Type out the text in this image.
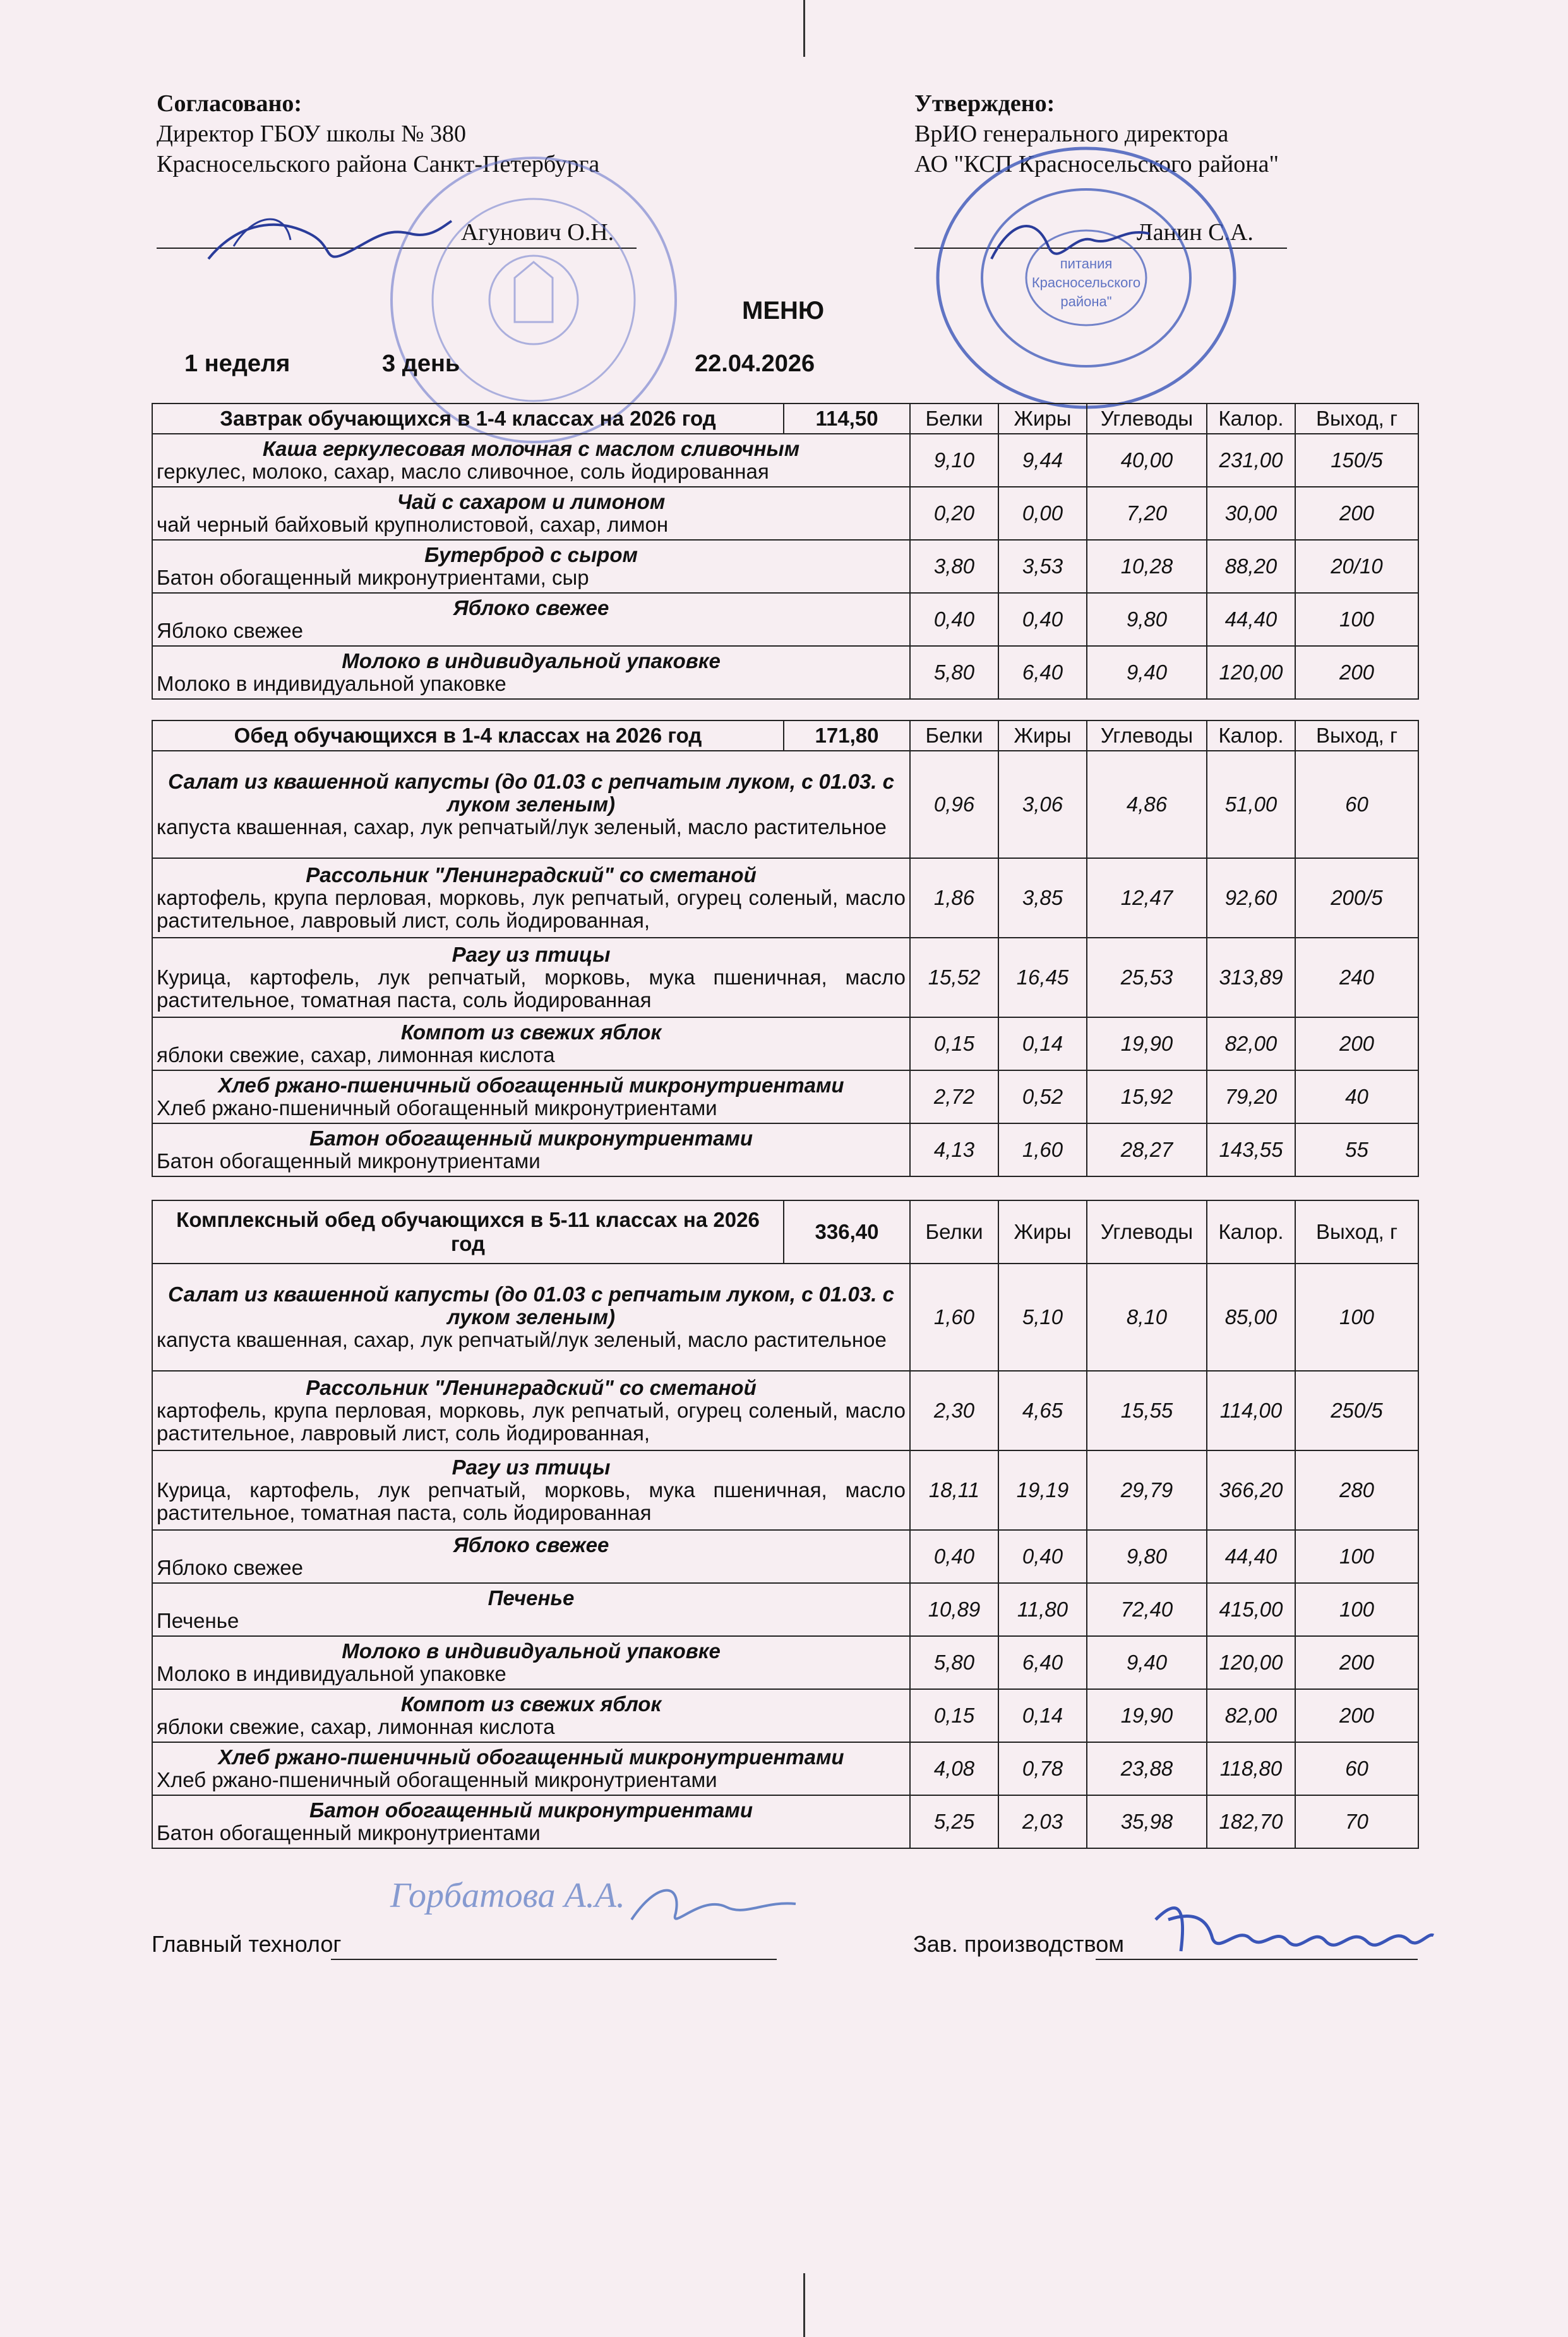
Согласовано:
Директор ГБОУ школы № 380
Красносельского района Санкт-Петербурга
Агунович О.Н.
Утверждено:
ВрИО генерального директора
АО "КСП Красносельского района"
Ланин С.А.
питания
Красносельского
района"
МЕНЮ
1 неделя	3 день	22.04.2026
Завтрак обучающихся в 1-4 классах на 2026 год	114,50	Белки	Жиры	Углеводы	Калор.	Выход, г

Каша геркулесовая молочная с маслом сливочным
геркулес, молоко, сахар, масло сливочное, соль йодированная		9,10	9,44	40,00	231,00	150/5

Чай с сахаром и лимоном
чай черный байховый крупнолистовой, сахар, лимон		0,20	0,00	7,20	30,00	200

Бутерброд с сыром
Батон обогащенный микронутриентами, сыр		3,80	3,53	10,28	88,20	20/10

Яблоко свежее
Яблоко свежее		0,40	0,40	9,80	44,40	100

Молоко в индивидуальной упаковке
Молоко в индивидуальной упаковке		5,80	6,40	9,40	120,00	200
Обед обучающихся в 1-4 классах на 2026 год	171,80	Белки	Жиры	Углеводы	Калор.	Выход, г

Салат из квашенной капусты (до 01.03 с репчатым луком, с 01.03. с луком зеленым)
капуста квашенная, сахар, лук репчатый/лук зеленый, масло растительное		0,96	3,06	4,86	51,00	60

Рассольник "Ленинградский" со сметаной
картофель, крупа перловая, морковь, лук репчатый, огурец соленый, масло растительное, лавровый лист, соль йодированная,		1,86	3,85	12,47	92,60	200/5

Рагу из птицы
Курица, картофель, лук репчатый, морковь, мука пшеничная, масло растительное, томатная паста, соль йодированная		15,52	16,45	25,53	313,89	240

Компот из свежих яблок
яблоки свежие, сахар, лимонная кислота		0,15	0,14	19,90	82,00	200

Хлеб ржано-пшеничный обогащенный микронутриентами
Хлеб ржано-пшеничный обогащенный микронутриентами		2,72	0,52	15,92	79,20	40

Батон обогащенный микронутриентами
Батон обогащенный микронутриентами		4,13	1,60	28,27	143,55	55
Комплексный обед обучающихся в 5-11 классах на 2026 год	336,40	Белки	Жиры	Углеводы	Калор.	Выход, г

Салат из квашенной капусты (до 01.03 с репчатым луком, с 01.03. с луком зеленым)
капуста квашенная, сахар, лук репчатый/лук зеленый, масло растительное		1,60	5,10	8,10	85,00	100

Рассольник "Ленинградский" со сметаной
картофель, крупа перловая, морковь, лук репчатый, огурец соленый, масло растительное, лавровый лист, соль йодированная,		2,30	4,65	15,55	114,00	250/5

Рагу из птицы
Курица, картофель, лук репчатый, морковь, мука пшеничная, масло растительное, томатная паста, соль йодированная		18,11	19,19	29,79	366,20	280

Яблоко свежее
Яблоко свежее		0,40	0,40	9,80	44,40	100

Печенье
Печенье		10,89	11,80	72,40	415,00	100

Молоко в индивидуальной упаковке
Молоко в индивидуальной упаковке		5,80	6,40	9,40	120,00	200

Компот из свежих яблок
яблоки свежие, сахар, лимонная кислота		0,15	0,14	19,90	82,00	200

Хлеб ржано-пшеничный обогащенный микронутриентами
Хлеб ржано-пшеничный обогащенный микронутриентами		4,08	0,78	23,88	118,80	60

Батон обогащенный микронутриентами
Батон обогащенный микронутриентами		5,25	2,03	35,98	182,70	70
Горбатова А.А.
Главный технолог	Зав. производством
